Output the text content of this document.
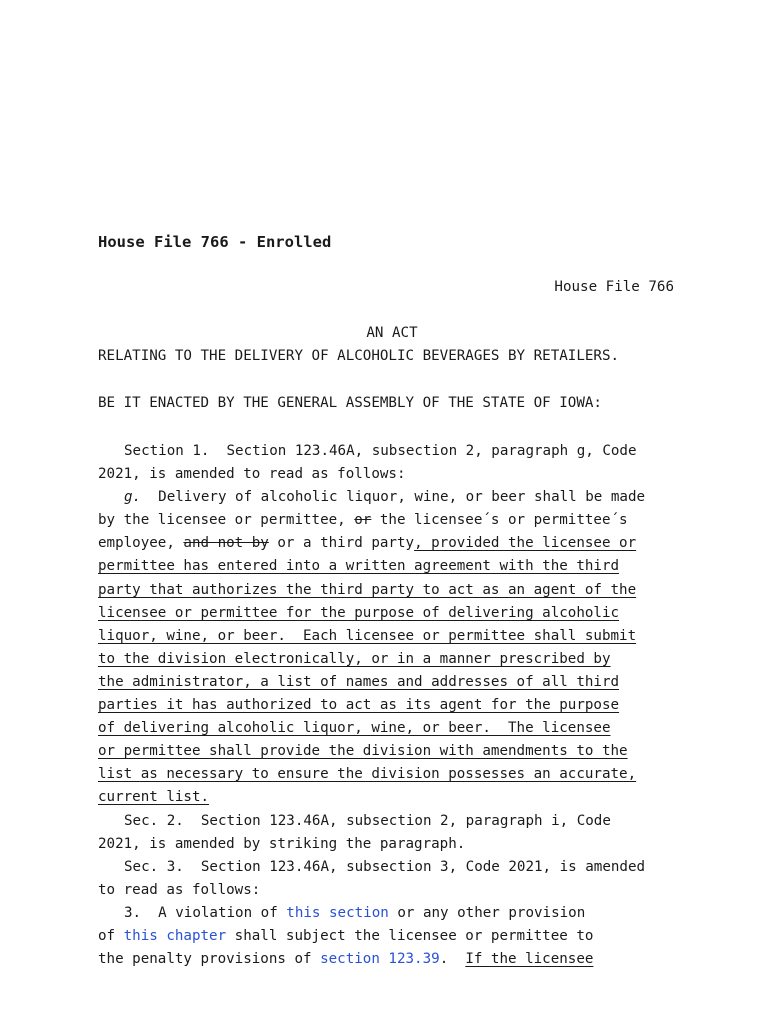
House File 766 - Enrolled
House File 766
AN ACT
RELATING TO THE DELIVERY OF ALCOHOLIC BEVERAGES BY RETAILERS.
BE IT ENACTED BY THE GENERAL ASSEMBLY OF THE STATE OF IOWA:
Section 1.  Section 123.46A, subsection 2, paragraph g, Code
2021, is amended to read as follows:
g.  Delivery of alcoholic liquor, wine, or beer shall be made
by the licensee or permittee, or the licensee´s or permittee´s
employee, and not by or a third party, provided the licensee or
permittee has entered into a written agreement with the third
party that authorizes the third party to act as an agent of the
licensee or permittee for the purpose of delivering alcoholic
liquor, wine, or beer.  Each licensee or permittee shall submit
to the division electronically, or in a manner prescribed by
the administrator, a list of names and addresses of all third
parties it has authorized to act as its agent for the purpose
of delivering alcoholic liquor, wine, or beer.  The licensee
or permittee shall provide the division with amendments to the
list as necessary to ensure the division possesses an accurate,
current list.
Sec. 2.  Section 123.46A, subsection 2, paragraph i, Code
2021, is amended by striking the paragraph.
Sec. 3.  Section 123.46A, subsection 3, Code 2021, is amended
to read as follows:
3.  A violation of this section or any other provision
of this chapter shall subject the licensee or permittee to
the penalty provisions of section 123.39.  If the licensee
